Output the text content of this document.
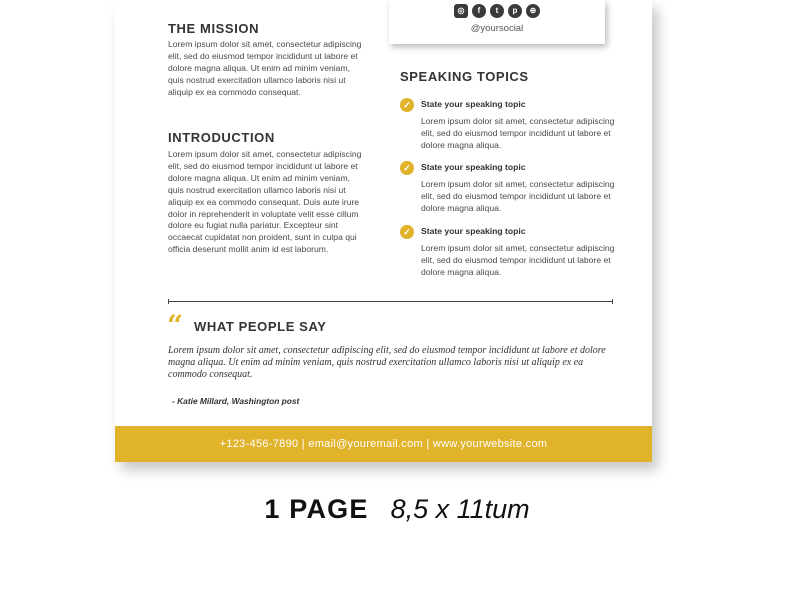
◎	f	t	p	⊕
@yoursocial
THE MISSION

Lorem ipsum dolor sit amet, consectetur adipiscing elit, sed do eiusmod tempor incididunt ut labore et dolore magna aliqua. Ut enim ad minim veniam, quis nostrud exercitation ullamco laboris nisi ut aliquip ex ea commodo consequat.

INTRODUCTION

Lorem ipsum dolor sit amet, consectetur adipiscing elit, sed do eiusmod tempor incididunt ut labore et dolore magna aliqua. Ut enim ad minim veniam, quis nostrud exercitation ullamco laboris nisi ut aliquip ex ea commodo consequat. Duis aute irure dolor in reprehenderit in voluptate velit esse cillum dolore eu fugiat nulla pariatur. Excepteur sint occaecat cupidatat non proident, sunt in culpa qui officia deserunt mollit anim id est laborum.

SPEAKING TOPICS
✓	State your speaking topic
Lorem ipsum dolor sit amet, consectetur adipiscing elit, sed do eiusmod tempor incididunt ut labore et dolore magna aliqua.
✓	State your speaking topic
Lorem ipsum dolor sit amet, consectetur adipiscing elit, sed do eiusmod tempor incididunt ut labore et dolore magna aliqua.
✓	State your speaking topic
Lorem ipsum dolor sit amet, consectetur adipiscing elit, sed do eiusmod tempor incididunt ut labore et dolore magna aliqua.
“ WHAT PEOPLE SAY

Lorem ipsum dolor sit amet, consectetur adipiscing elit, sed do eiusmod tempor incididunt ut labore et dolore magna aliqua. Ut enim ad minim veniam, quis nostrud exercitation ullamco laboris nisi ut aliquip ex ea commodo consequat.

- Katie Millard, Washington post
+123-456-7890 | email@youremail.com | www.yourwebsite.com
1 PAGE 8,5 x 11tum
